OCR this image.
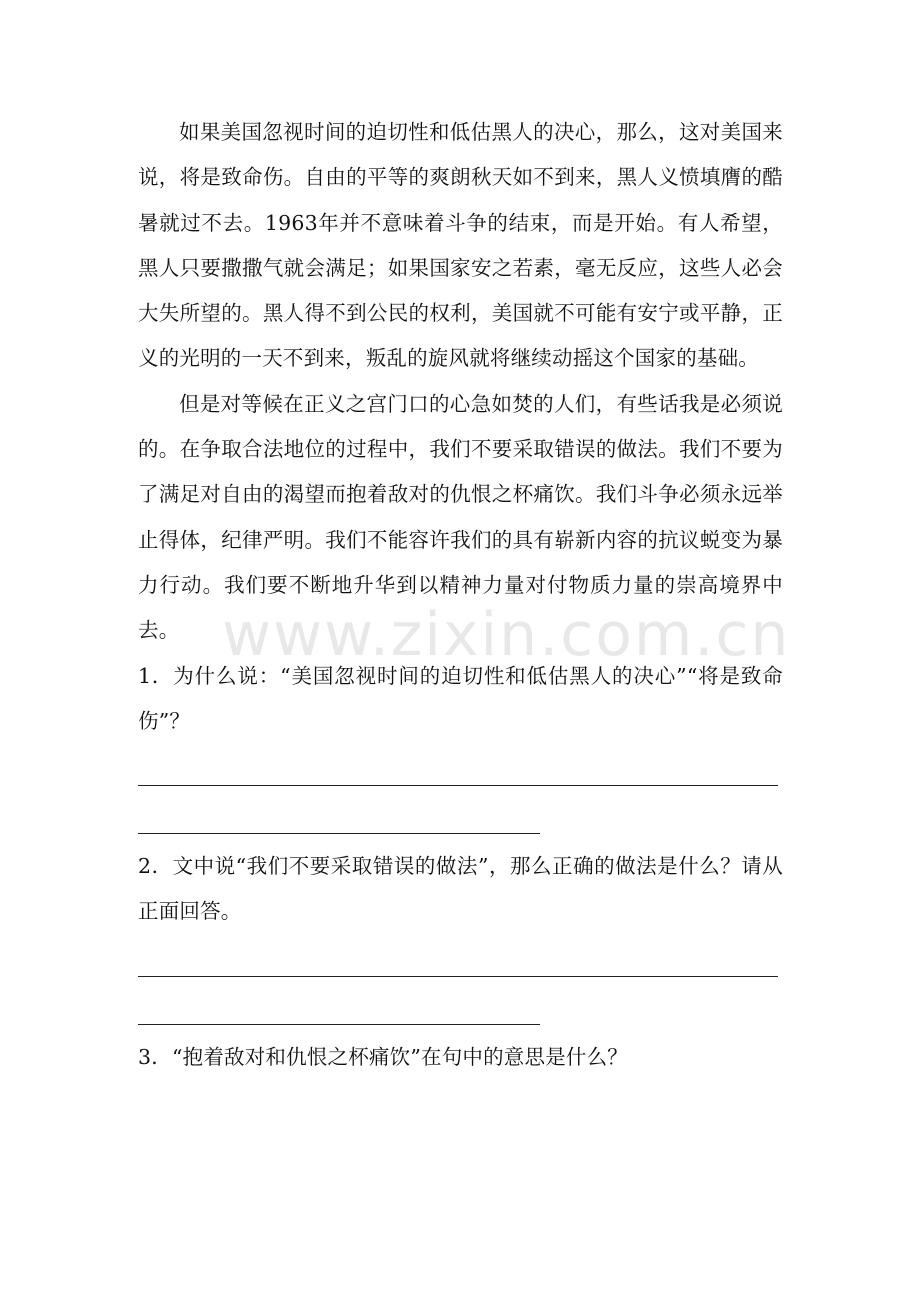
如果美国忽视时间的迫切性和低估黑人的决心，那么，这对美国来说，将是致命伤。自由的平等的爽朗秋天如不到来，黑人义愤填膺的酷暑就过不去。1963年并不意味着斗争的结束，而是开始。有人希望，黑人只要撒撒气就会满足；如果国家安之若素，毫无反应，这些人必会大失所望的。黑人得不到公民的权利，美国就不可能有安宁或平静，正义的光明的一天不到来，叛乱的旋风就将继续动摇这个国家的基础。

但是对等候在正义之宫门口的心急如焚的人们，有些话我是必须说的。在争取合法地位的过程中，我们不要采取错误的做法。我们不要为了满足对自由的渴望而抱着敌对的仇恨之杯痛饮。我们斗争必须永远举止得体，纪律严明。我们不能容许我们的具有崭新内容的抗议蜕变为暴力行动。我们要不断地升华到以精神力量对付物质力量的崇高境界中去。

1．为什么说：“美国忽视时间的迫切性和低估黑人的决心”“将是致命伤”？

2．文中说“我们不要采取错误的做法”，那么正确的做法是什么？请从正面回答。

3．“抱着敌对和仇恨之杯痛饮”在句中的意思是什么？

www.zixin.com.cn
